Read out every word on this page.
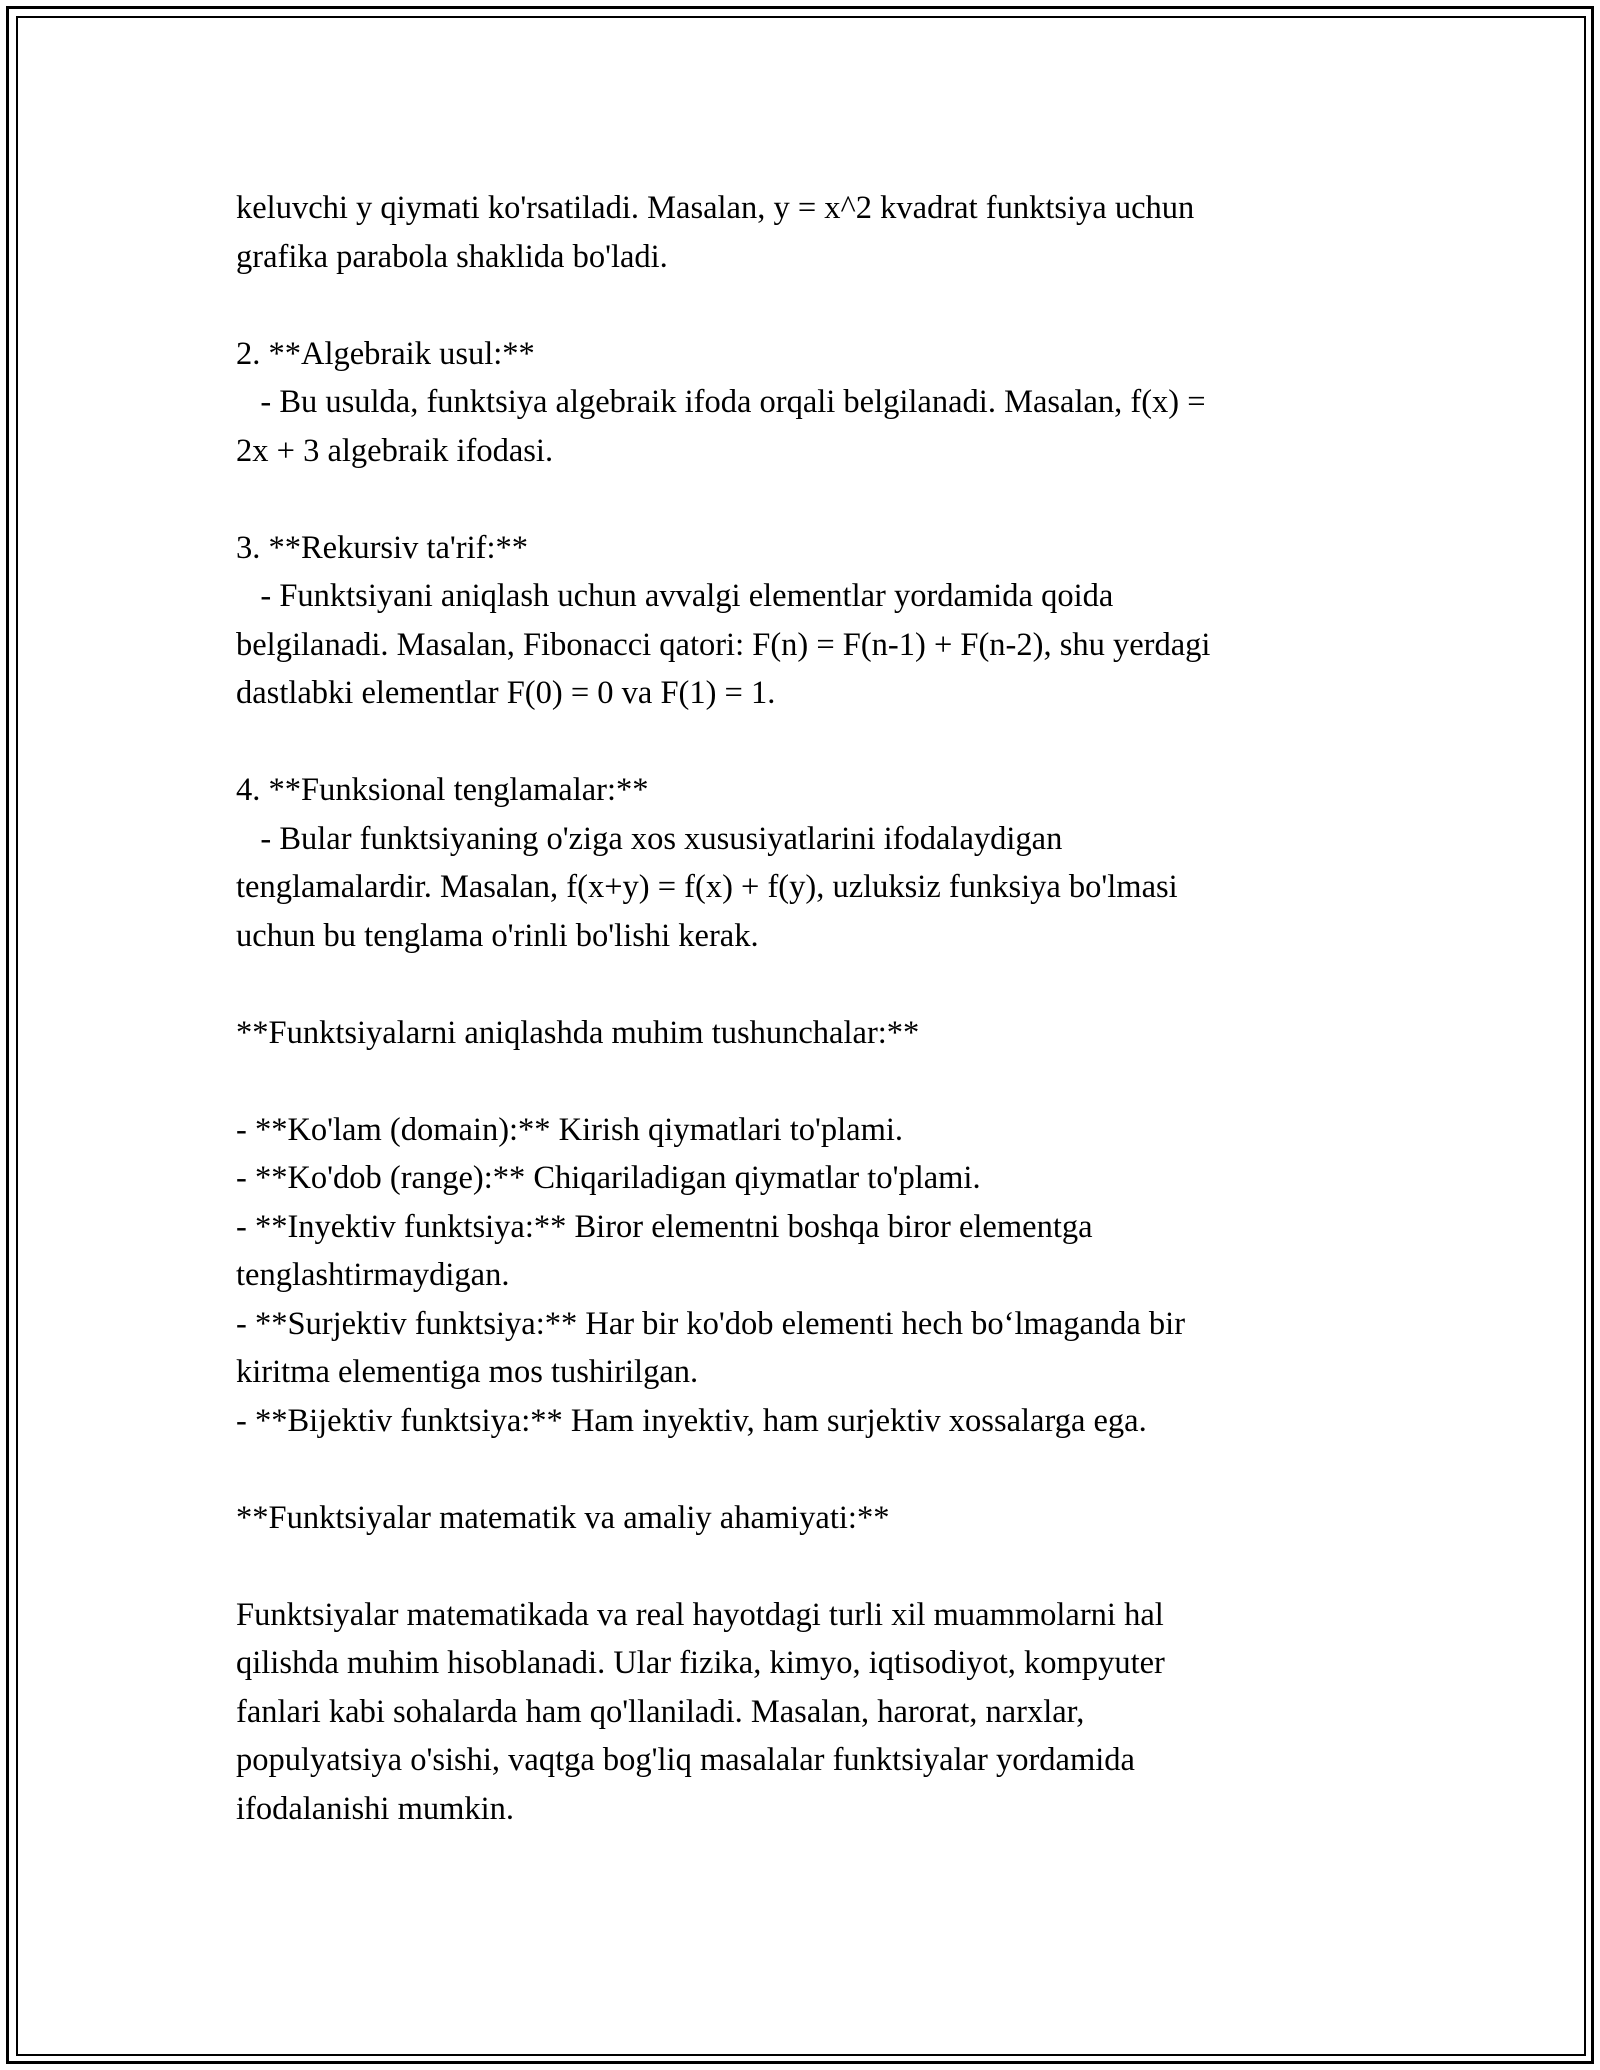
keluvchi y qiymati ko'rsatiladi. Masalan, y = x^2 kvadrat funktsiya uchun
grafika parabola shaklida bo'ladi.
2. **Algebraik usul:**
- Bu usulda, funktsiya algebraik ifoda orqali belgilanadi. Masalan, f(x) =
2x + 3 algebraik ifodasi.
3. **Rekursiv ta'rif:**
- Funktsiyani aniqlash uchun avvalgi elementlar yordamida qoida
belgilanadi. Masalan, Fibonacci qatori: F(n) = F(n-1) + F(n-2), shu yerdagi
dastlabki elementlar F(0) = 0 va F(1) = 1.
4. **Funksional tenglamalar:**
- Bular funktsiyaning o'ziga xos xususiyatlarini ifodalaydigan
tenglamalardir. Masalan, f(x+y) = f(x) + f(y), uzluksiz funksiya bo'lmasi
uchun bu tenglama o'rinli bo'lishi kerak.
**Funktsiyalarni aniqlashda muhim tushunchalar:**
- **Ko'lam (domain):** Kirish qiymatlari to'plami.
- **Ko'dob (range):** Chiqariladigan qiymatlar to'plami.
- **Inyektiv funktsiya:** Biror elementni boshqa biror elementga
tenglashtirmaydigan.
- **Surjektiv funktsiya:** Har bir ko'dob elementi hech bo‘lmaganda bir
kiritma elementiga mos tushirilgan.
- **Bijektiv funktsiya:** Ham inyektiv, ham surjektiv xossalarga ega.
**Funktsiyalar matematik va amaliy ahamiyati:**
Funktsiyalar matematikada va real hayotdagi turli xil muammolarni hal
qilishda muhim hisoblanadi. Ular fizika, kimyo, iqtisodiyot, kompyuter
fanlari kabi sohalarda ham qo'llaniladi. Masalan, harorat, narxlar,
populyatsiya o'sishi, vaqtga bog'liq masalalar funktsiyalar yordamida
ifodalanishi mumkin.
